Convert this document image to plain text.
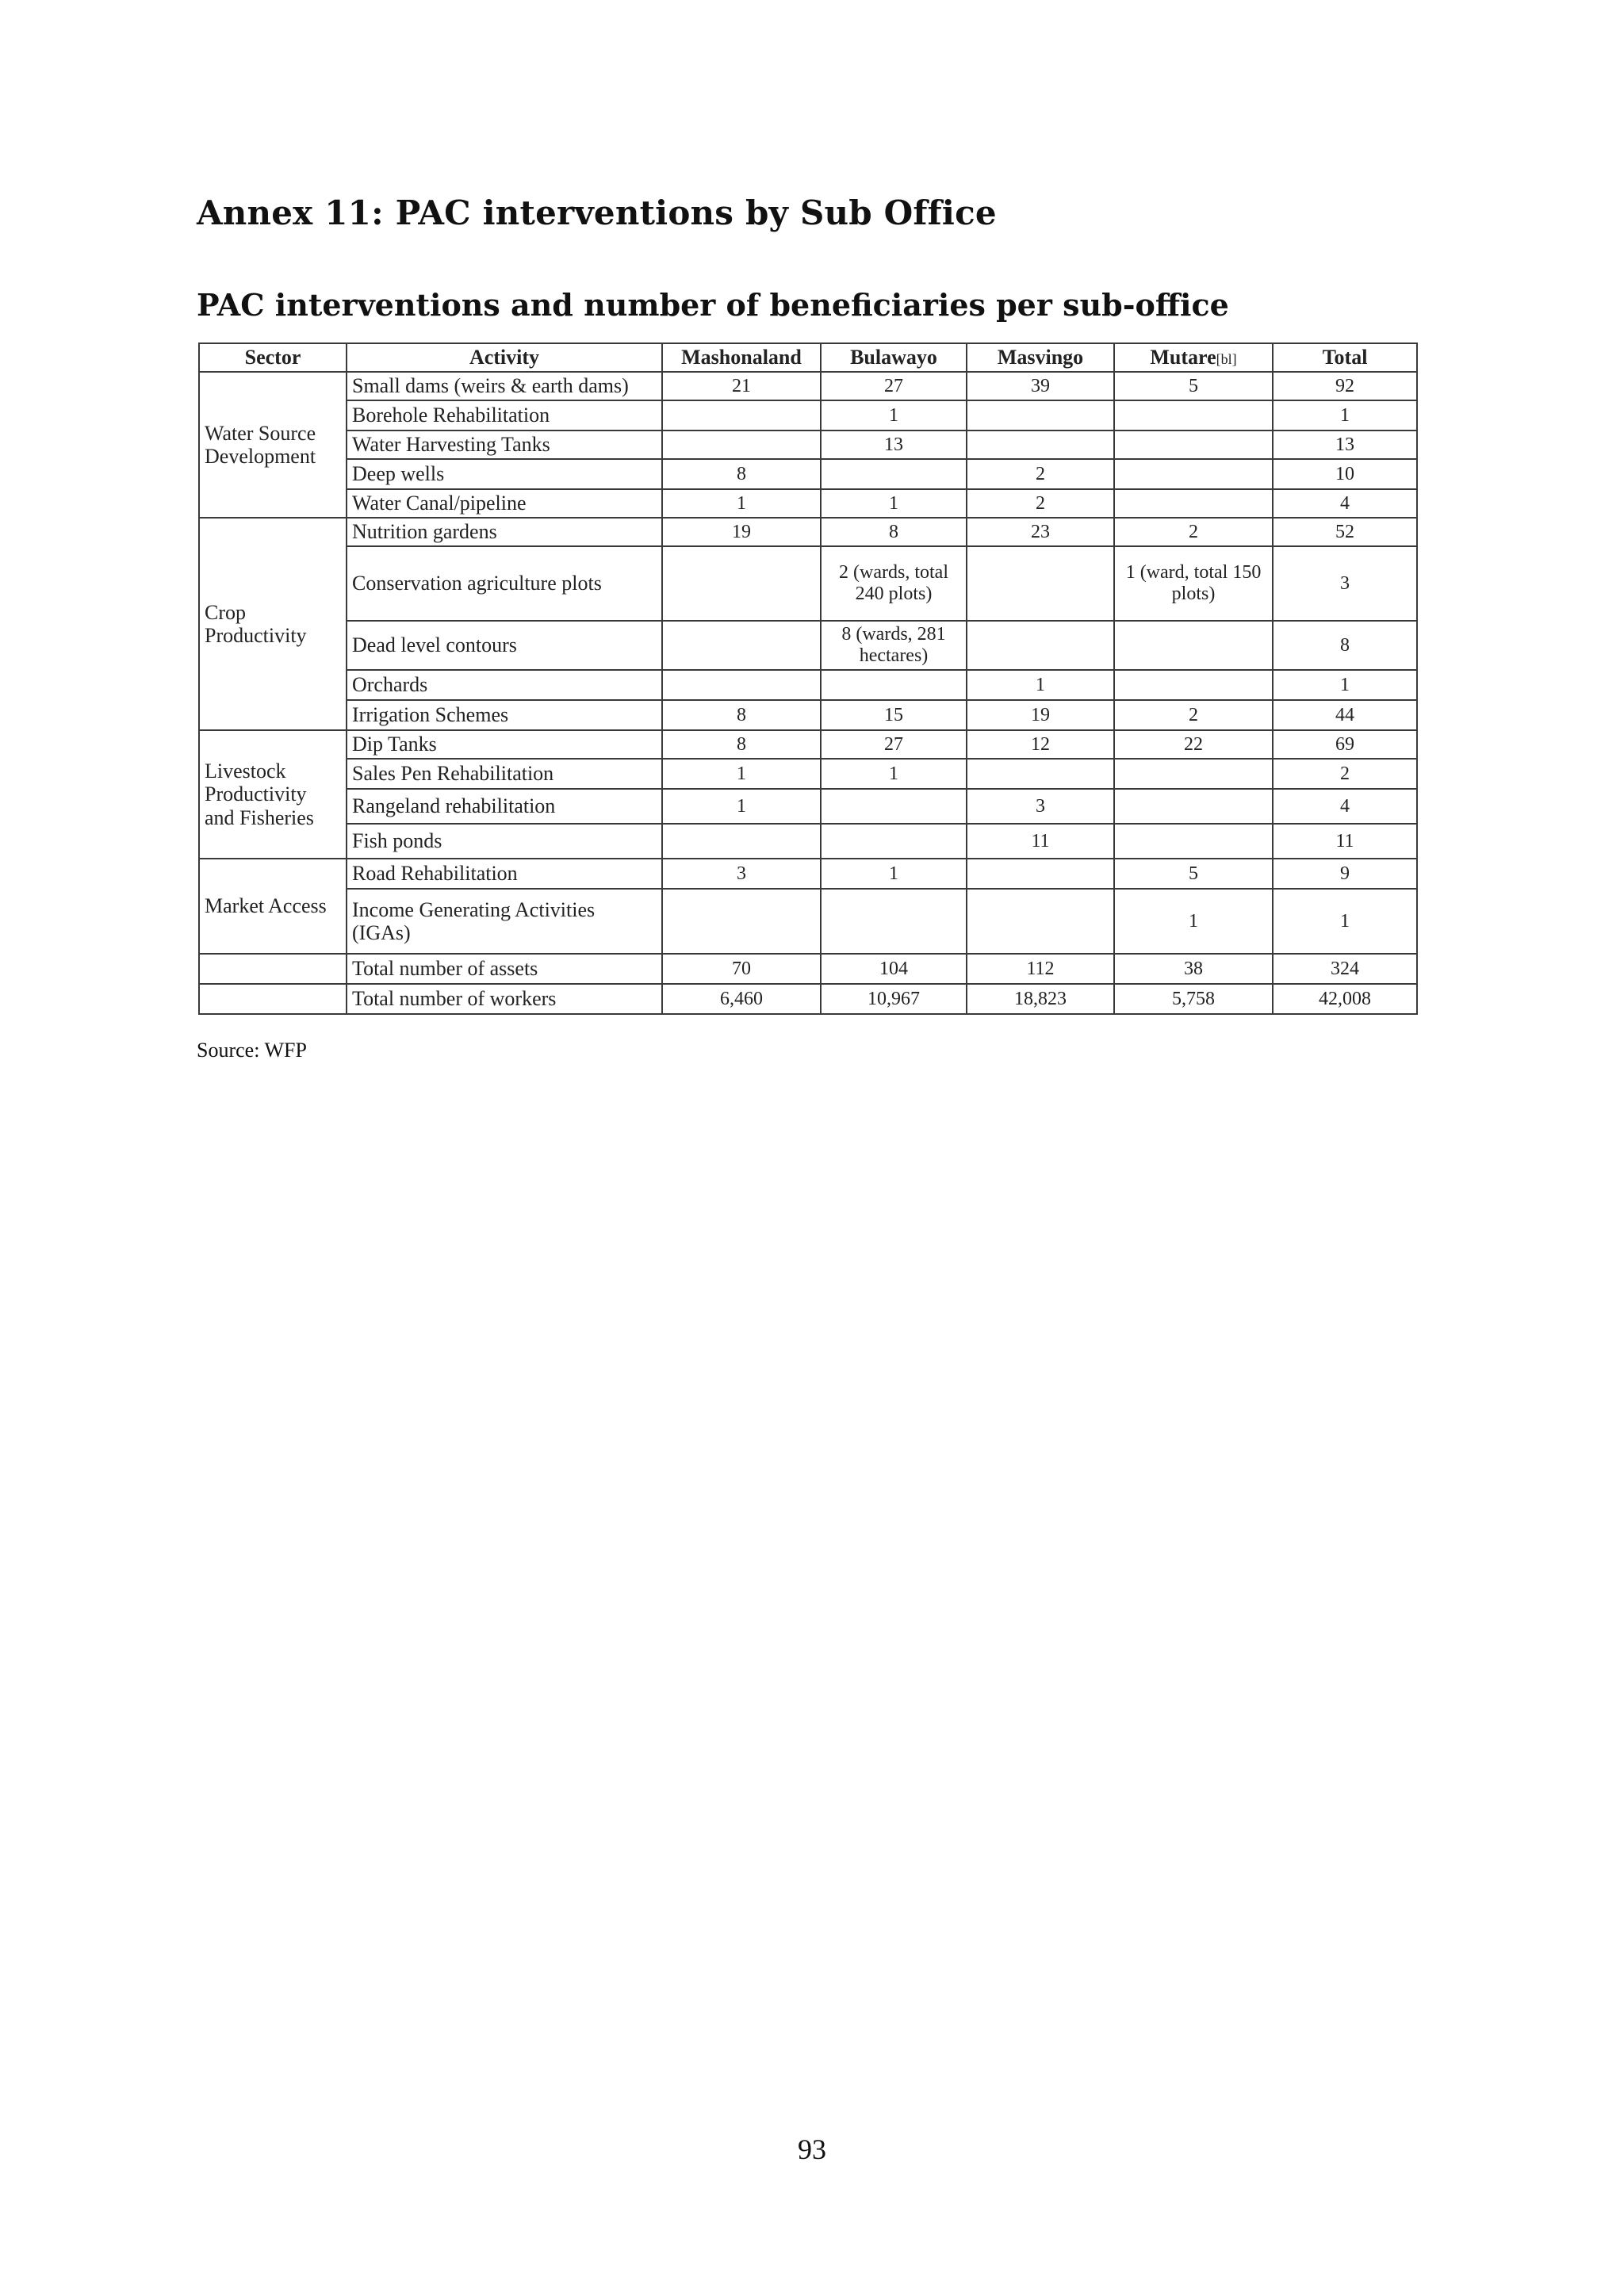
Annex 11: PAC interventions by Sub Office
PAC interventions and number of beneficiaries per sub-office
Sector	Activity	Mashonaland	Bulawayo	Masvingo	Mutare[bl]	Total
Water Source Development	Small dams (weirs & earth dams)	21	27	39	5	92
	Borehole Rehabilitation		1			1
	Water Harvesting Tanks		13			13
	Deep wells	8		2		10
	Water Canal/pipeline	1	1	2		4
Crop Productivity	Nutrition gardens	19	8	23	2	52
	Conservation agriculture plots		2 (wards, total 240 plots)		1 (ward, total 150 plots)	3
	Dead level contours		8 (wards, 281 hectares)			8
	Orchards			1		1
	Irrigation Schemes	8	15	19	2	44
Livestock Productivity and Fisheries	Dip Tanks	8	27	12	22	69
	Sales Pen Rehabilitation	1	1			2
	Rangeland rehabilitation	1		3		4
	Fish ponds			11		11
Market Access	Road Rehabilitation	3	1		5	9
	Income Generating Activities (IGAs)				1	1
	Total number of assets	70	104	112	38	324
	Total number of workers	6,460	10,967	18,823	5,758	42,008

Source: WFP

93
